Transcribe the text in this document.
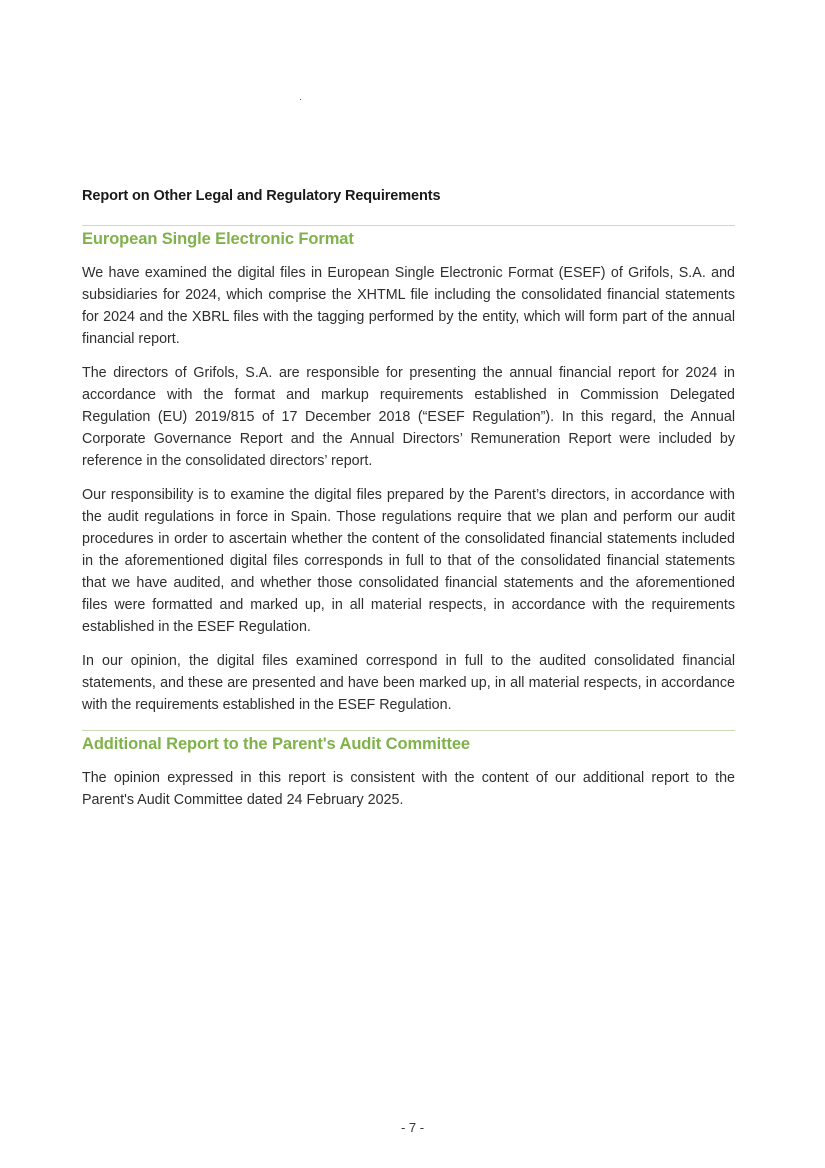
Report on Other Legal and Regulatory Requirements
European Single Electronic Format

We have examined the digital files in European Single Electronic Format (ESEF) of Grifols, S.A. and subsidiaries for 2024, which comprise the XHTML file including the consolidated financial statements for 2024 and the XBRL files with the tagging performed by the entity, which will form part of the annual financial report.

The directors of Grifols, S.A. are responsible for presenting the annual financial report for 2024 in accordance with the format and markup requirements established in Commission Delegated Regulation (EU) 2019/815 of 17 December 2018 (“ESEF Regulation”). In this regard, the Annual Corporate Governance Report and the Annual Directors’ Remuneration Report were included by reference in the consolidated directors’ report.

Our responsibility is to examine the digital files prepared by the Parent’s directors, in accordance with the audit regulations in force in Spain. Those regulations require that we plan and perform our audit procedures in order to ascertain whether the content of the consolidated financial statements included in the aforementioned digital files corresponds in full to that of the consolidated financial statements that we have audited, and whether those consolidated financial statements and the aforementioned files were formatted and marked up, in all material respects, in accordance with the requirements established in the ESEF Regulation.

In our opinion, the digital files examined correspond in full to the audited consolidated financial statements, and these are presented and have been marked up, in all material respects, in accordance with the requirements established in the ESEF Regulation.

Additional Report to the Parent's Audit Committee

The opinion expressed in this report is consistent with the content of our additional report to the Parent's Audit Committee dated 24 February 2025.

- 7 -
